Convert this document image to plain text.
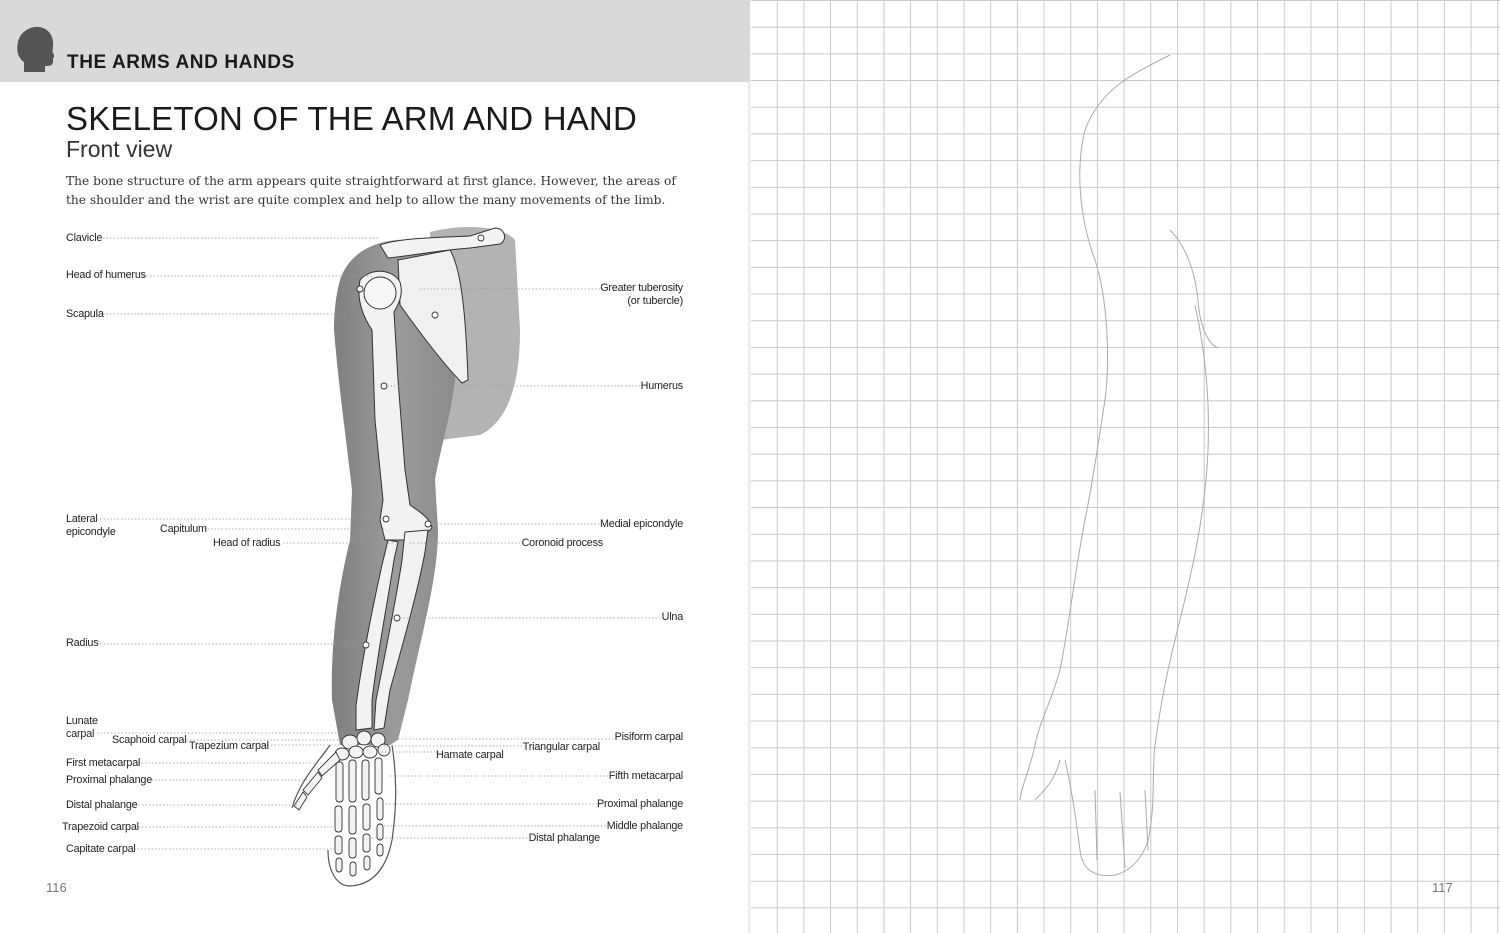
THE ARMS AND HANDS
SKELETON OF THE ARM AND HAND
Front view
The bone structure of the arm appears quite straightforward at first glance. However, the areas of the shoulder and the wrist are quite complex and help to allow the many movements of the limb.
Clavicle
Head of humerus
Scapula
Greater tuberosity
(or tubercle)
Humerus
Lateral
epicondyle	Capitulum
Head of radius
Medial epicondyle
Coronoid process
Ulna
Radius
Lunate
carpal	Scaphoid carpal Trapezium carpal
Hamate carpal
Triangular carpal
Pisiform carpal
First metacarpal
Proximal phalange	Fifth metacarpal
Distal phalange	Proximal phalange
Trapezoid carpal	Middle phalange
Distal phalange
Capitate carpal
116	117
